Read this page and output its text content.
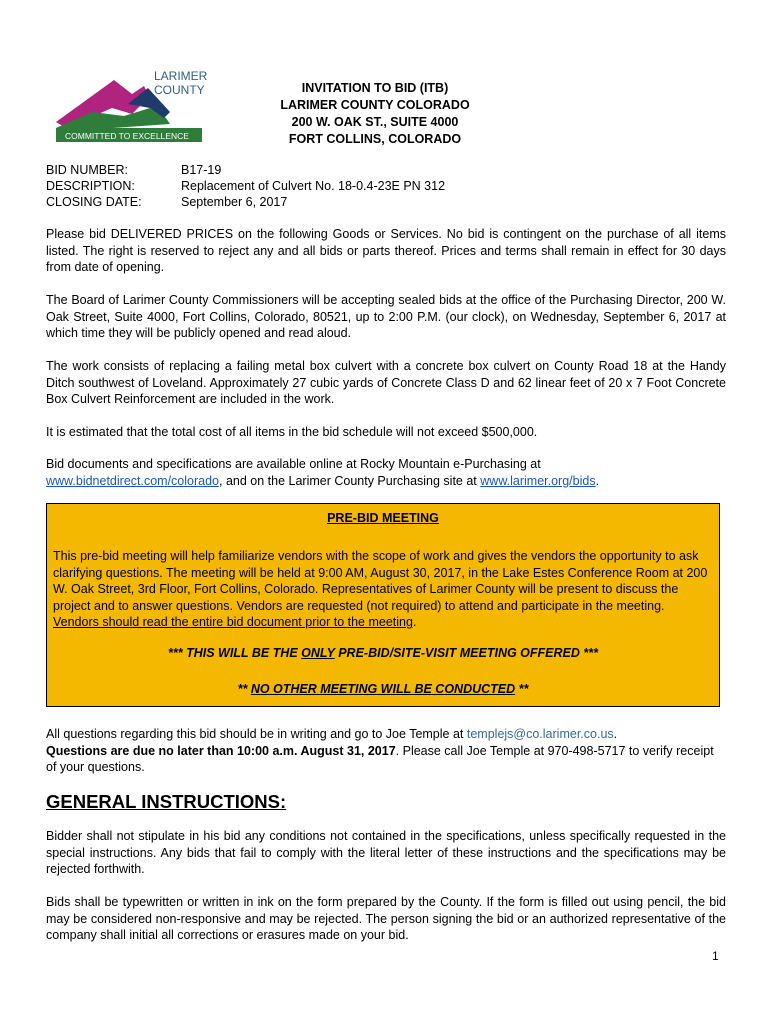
COMMITTED TO EXCELLENCE
LARIMER
COUNTY	INVITATION TO BID (ITB)
LARIMER COUNTY COLORADO
200 W. OAK ST., SUITE 4000
FORT COLLINS, COLORADO
BID NUMBER:	B17-19
DESCRIPTION:	Replacement of Culvert No. 18-0.4-23E PN 312
CLOSING DATE:	September 6, 2017
Please bid DELIVERED PRICES on the following Goods or Services. No bid is contingent on the purchase of all items listed. The right is reserved to reject any and all bids or parts thereof. Prices and terms shall remain in effect for 30 days from date of opening.
The Board of Larimer County Commissioners will be accepting sealed bids at the office of the Purchasing Director, 200 W. Oak Street, Suite 4000, Fort Collins, Colorado, 80521, up to 2:00 P.M. (our clock), on Wednesday, September 6, 2017 at which time they will be publicly opened and read aloud.
The work consists of replacing a failing metal box culvert with a concrete box culvert on County Road 18 at the Handy Ditch southwest of Loveland. Approximately 27 cubic yards of Concrete Class D and 62 linear feet of 20 x 7 Foot Concrete Box Culvert Reinforcement are included in the work.
It is estimated that the total cost of all items in the bid schedule will not exceed $500,000.
Bid documents and specifications are available online at Rocky Mountain e-Purchasing at
www.bidnetdirect.com/colorado, and on the Larimer County Purchasing site at www.larimer.org/bids.
PRE-BID MEETING
This pre-bid meeting will help familiarize vendors with the scope of work and gives the vendors the opportunity to ask clarifying questions. The meeting will be held at 9:00 AM, August 30, 2017, in the Lake Estes Conference Room at 200 W. Oak Street, 3rd Floor, Fort Collins, Colorado. Representatives of Larimer County will be present to discuss the project and to answer questions. Vendors are requested (not required) to attend and participate in the meeting. Vendors should read the entire bid document prior to the meeting.
*** THIS WILL BE THE ONLY PRE-BID/SITE-VISIT MEETING OFFERED ***
** NO OTHER MEETING WILL BE CONDUCTED **
All questions regarding this bid should be in writing and go to Joe Temple at templejs@co.larimer.co.us.
Questions are due no later than 10:00 a.m. August 31, 2017. Please call Joe Temple at 970-498-5717 to verify receipt of your questions.
GENERAL INSTRUCTIONS:
Bidder shall not stipulate in his bid any conditions not contained in the specifications, unless specifically requested in the special instructions. Any bids that fail to comply with the literal letter of these instructions and the specifications may be rejected forthwith.
Bids shall be typewritten or written in ink on the form prepared by the County. If the form is filled out using pencil, the bid may be considered non-responsive and may be rejected. The person signing the bid or an authorized representative of the company shall initial all corrections or erasures made on your bid.
1
